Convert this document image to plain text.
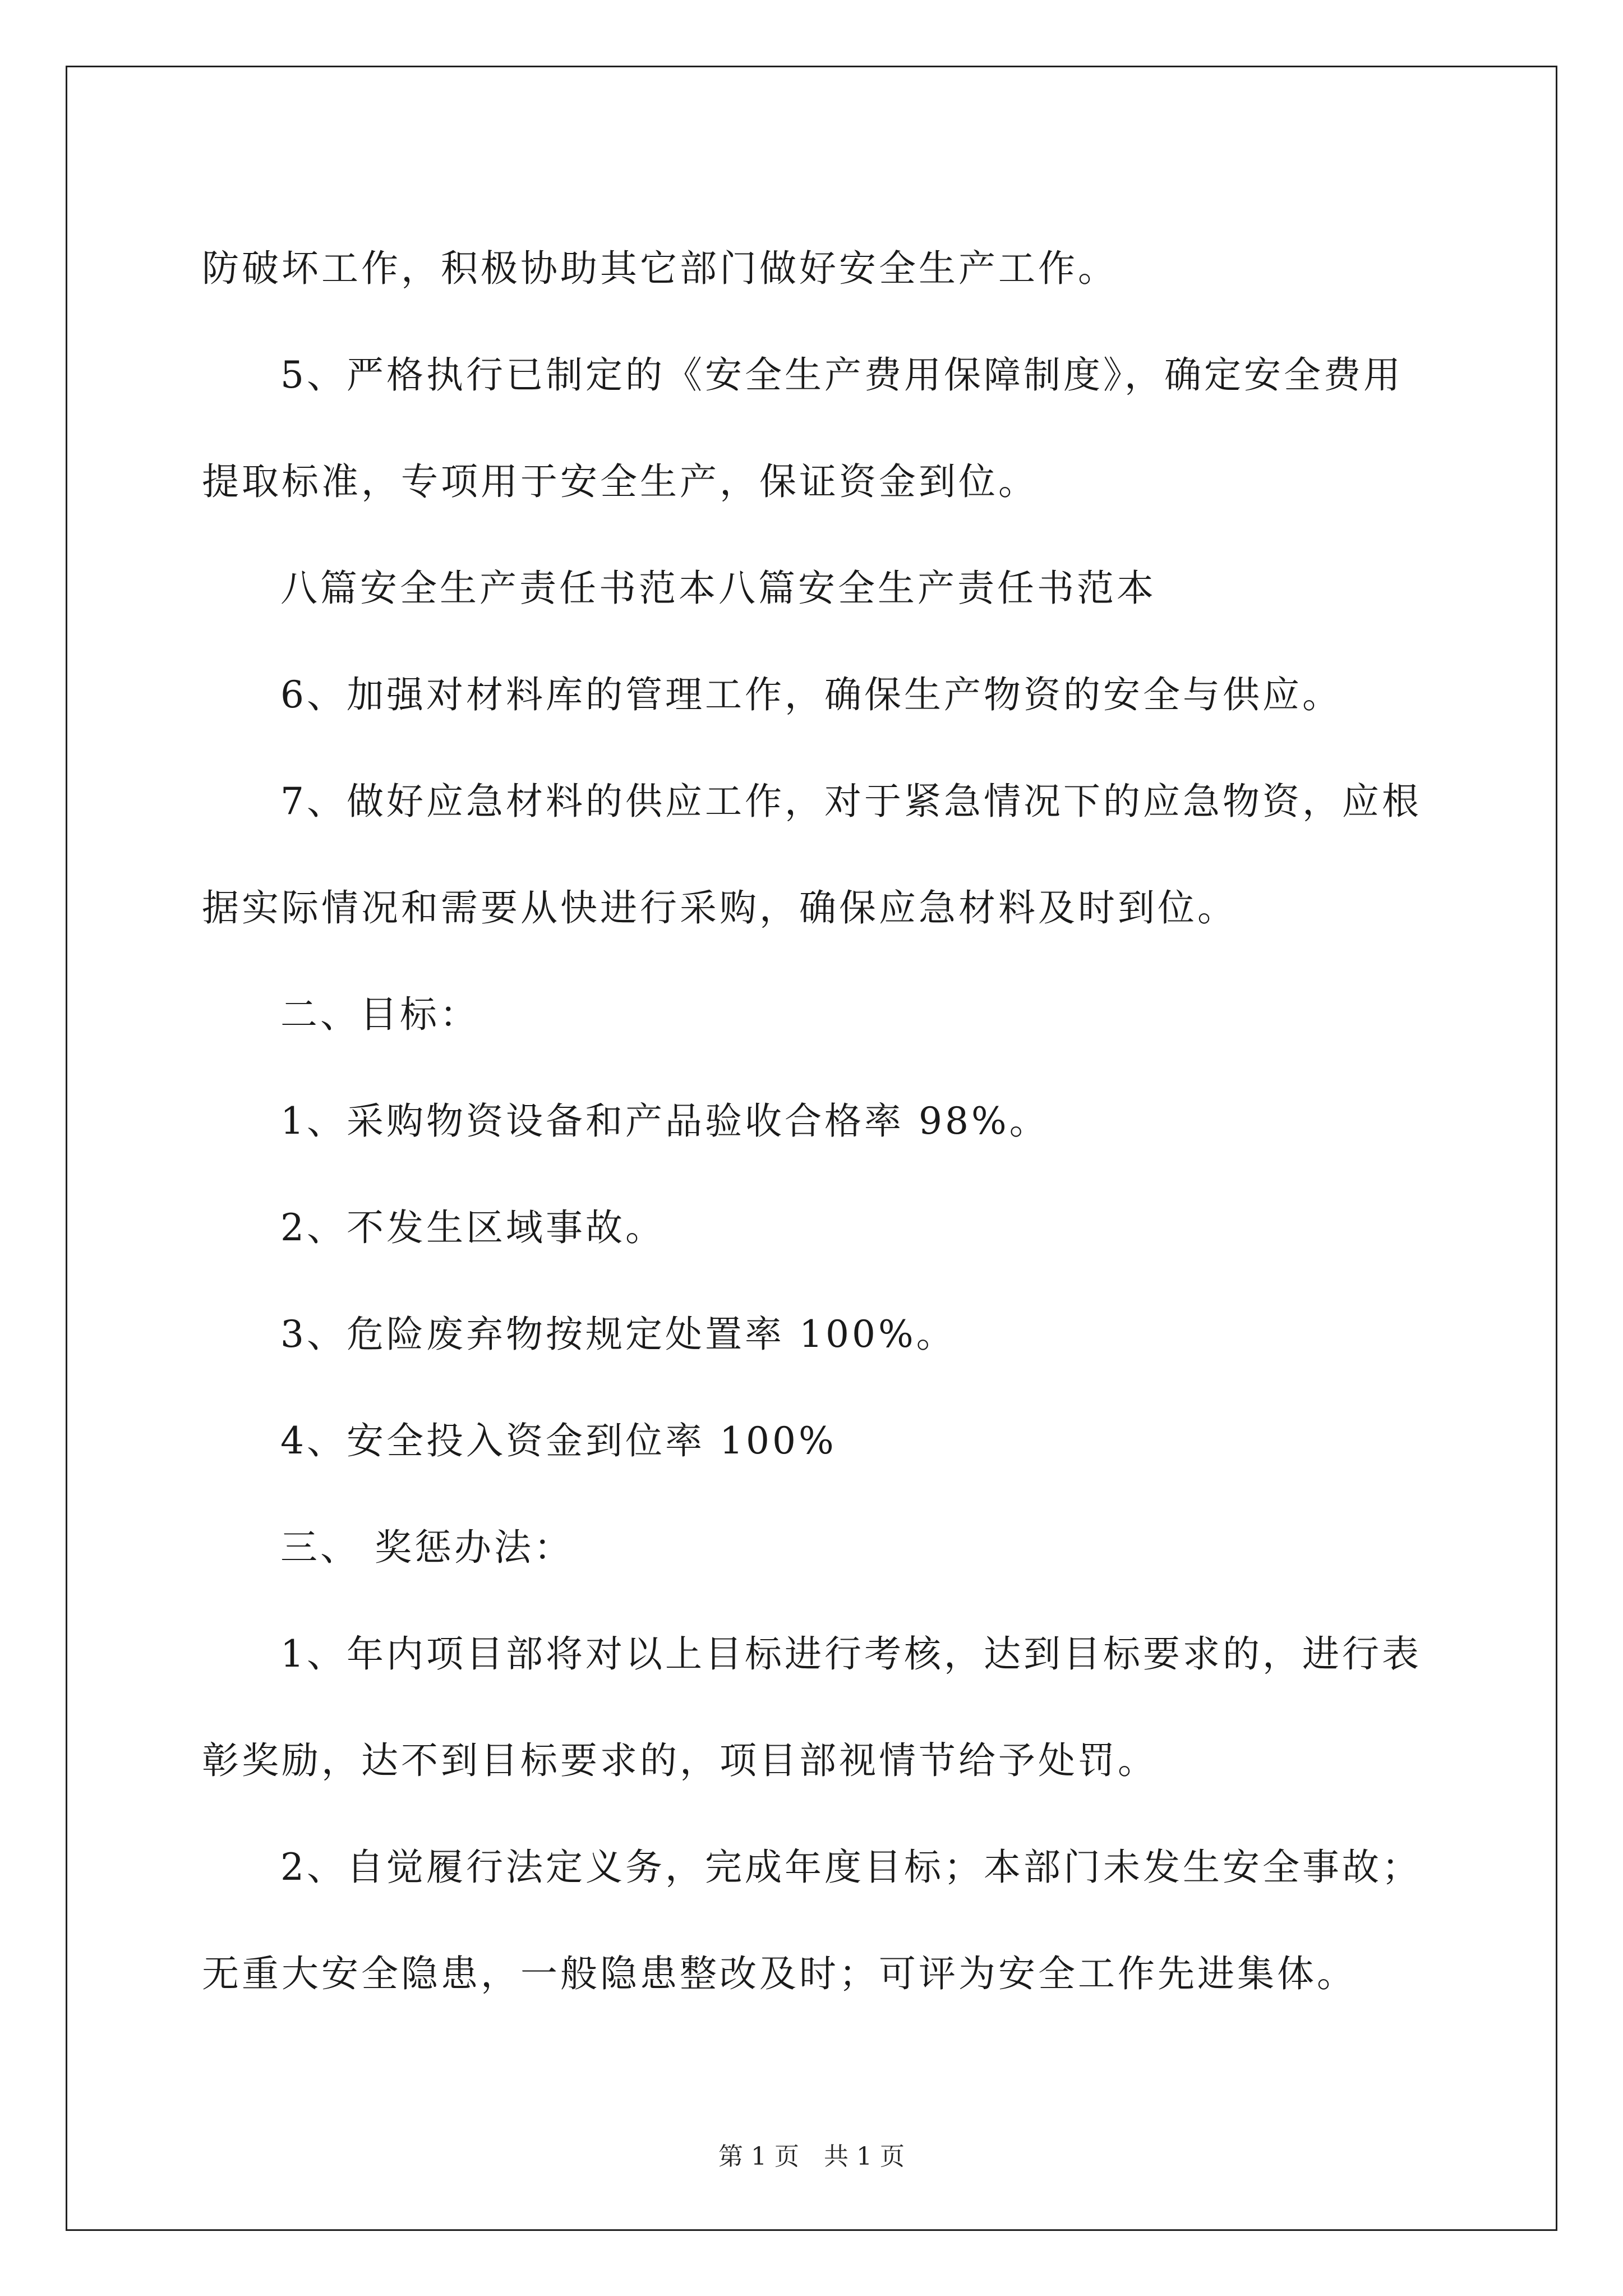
防破坏工作，积极协助其它部门做好安全生产工作。
5、严格执行已制定的《安全生产费用保障制度》，确定安全费用
提取标准，专项用于安全生产，保证资金到位。
八篇安全生产责任书范本八篇安全生产责任书范本
6、加强对材料库的管理工作，确保生产物资的安全与供应。
7、做好应急材料的供应工作，对于紧急情况下的应急物资，应根
据实际情况和需要从快进行采购，确保应急材料及时到位。
二、目标：
1、采购物资设备和产品验收合格率 98%。
2、不发生区域事故。
3、危险废弃物按规定处置率 100%。
4、安全投入资金到位率 100%
三、 奖惩办法：
1、年内项目部将对以上目标进行考核，达到目标要求的，进行表
彰奖励，达不到目标要求的，项目部视情节给予处罚。
2、自觉履行法定义务，完成年度目标；本部门未发生安全事故；
无重大安全隐患，一般隐患整改及时；可评为安全工作先进集体。
第 1 页　共 1 页
